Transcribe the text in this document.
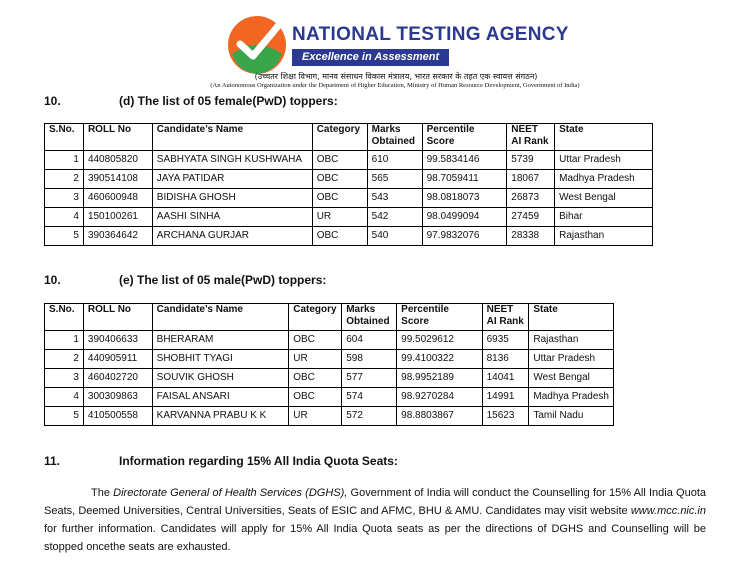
NATIONAL TESTING AGENCY
Excellence in Assessment
(उच्चतर शिक्षा विभाग, मानव संसाधन विकास मंत्रालय, भारत सरकार के तहत एक स्वायत्त संगठन)
(An Autonomous Organization under the Department of Higher Education, Ministry of Human Resource Development, Government of India)
10.	(d) The list of 05 female(PwD) toppers:
S.No.	ROLL No	Candidate’s Name	Category	Marks Obtained	Percentile Score	NEET AI Rank	State
1	440805820	SABHYATA SINGH KUSHWAHA	OBC	610	99.5834146	5739	Uttar Pradesh
2	390514108	JAYA PATIDAR	OBC	565	98.7059411	18067	Madhya Pradesh
3	460600948	BIDISHA GHOSH	OBC	543	98.0818073	26873	West Bengal
4	150100261	AASHI SINHA	UR	542	98.0499094	27459	Bihar
5	390364642	ARCHANA GURJAR	OBC	540	97.9832076	28338	Rajasthan
10.	(e) The list of 05 male(PwD) toppers:
S.No.	ROLL No	Candidate’s Name	Category	Marks Obtained	Percentile Score	NEET AI Rank	State
1	390406633	BHERARAM	OBC	604	99.5029612	6935	Rajasthan
2	440905911	SHOBHIT TYAGI	UR	598	99.4100322	8136	Uttar Pradesh
3	460402720	SOUVIK GHOSH	OBC	577	98.9952189	14041	West Bengal
4	300309863	FAISAL ANSARI	OBC	574	98.9270284	14991	Madhya Pradesh
5	410500558	KARVANNA PRABU K K	UR	572	98.8803867	15623	Tamil Nadu
11.	Information regarding 15% All India Quota Seats:
The Directorate General of Health Services (DGHS), Government of India will conduct the Counselling for 15% All India Quota Seats, Deemed Universities, Central Universities, Seats of ESIC and AFMC, BHU & AMU. Candidates may visit website www.mcc.nic.in for further information. Candidates will apply for 15% All India Quota seats as per the directions of DGHS and Counselling will be stopped oncethe seats are exhausted.
